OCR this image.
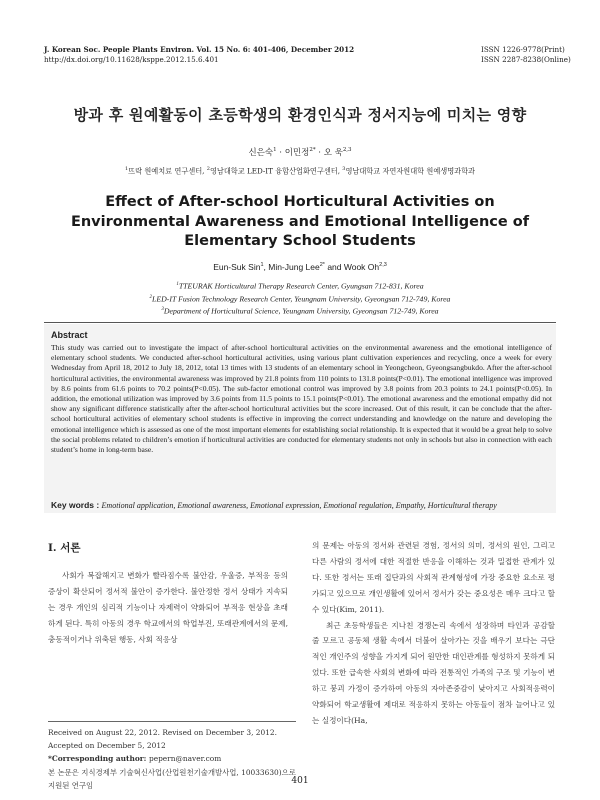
J. Korean Soc. People Plants Environ. Vol. 15 No. 6: 401-406, December 2012
http://dx.doi.org/10.11628/ksppe.2012.15.6.401
ISSN 1226-9778(Print)
ISSN 2287-8238(Online)
방과 후 원예활동이 초등학생의 환경인식과 정서지능에 미치는 영향
신은숙$^1$ · 이민정$^{2*}$ · 오 욱$^{2,3}$
$^1$뜨락 원예치료 연구센터, $^2$영남대학교 LED-IT 융합산업화연구센터, $^3$영남대학교 자연자원대학 원예생명과학과
Effect of After-school Horticultural Activities on
Environmental Awareness and Emotional Intelligence of
Elementary School Students
Eun-Suk Sin$^1$, Min-Jung Lee$^{2*}$ and Wook Oh$^{2,3}$
$^1$TTEURAK Horticultural Therapy Research Center, Gyungsan 712-831, Korea
$^2$LED-IT Fusion Technology Research Center, Yeungnam University, Gyeongsan 712-749, Korea
$^3$Department of Horticultural Science, Yeungnam University, Gyeongsan 712-749, Korea
Abstract
This study was carried out to investigate the impact of after-school horticultural activities on the environmental awareness and the emotional intelligence of elementary school students. We conducted after-school horticultural activities, using various plant cultivation experiences and recycling, once a week for every Wednesday from April 18, 2012 to July 18, 2012, total 13 times with 13 students of an elementary school in Yeongcheon, Gyeongsangbukdo. After the after-school horticultural activities, the environmental awareness was improved by 21.8 points from 110 points to 131.8 points(P<0.01). The emotional intelligence was improved by 8.6 points from 61.6 points to 70.2 points(P<0.05). The sub-factor emotional control was improved by 3.8 points from 20.3 points to 24.1 points(P<0.05). In addition, the emotional utilization was improved by 3.6 points from 11.5 points to 15.1 points(P<0.01). The emotional awareness and the emotional empathy did not show any significant difference statistically after the after-school horticultural activities but the score increased. Out of this result, it can be conclude that the after-school horticultural activities of elementary school students is effective in improving the correct understanding and knowledge on the nature and developing the emotional intelligence which is assessed as one of the most important elements for establishing social relationship. It is expected that it would be a great help to solve the social problems related to children’s emotion if horticultural activities are conducted for elementary students not only in schools but also in connection with each student’s home in long-term base.
Key words : Emotional application, Emotional awareness, Emotional expression, Emotional regulation, Empathy, Horticultural therapy
Ⅰ. 서론

사회가 복잡해지고 변화가 빨라짐수록 불안감, 우울증, 부적응 등의 증상이 확산되어 정서적 불안이 증가한다. 불안정한 정서 상태가 지속되는 경우 개인의 심리적 기능이나 자제력이 약화되어 부적응 현상을 초래하게 된다. 특히 아동의 경우 학교에서의 학업부진, 또래관계에서의 문제, 충동적이거나 위축된 행동, 사회 적응상

의 문제는 아동의 정서와 관련된 경험, 정서의 의미, 정서의 원인, 그리고 다른 사람의 정서에 대한 적절한 반응을 이해하는 것과 밀접한 관계가 있다. 또한 정서는 또래 집단과의 사회적 관계형성에 가장 중요한 요소로 평가되고 있으므로 개인생활에 있어서 정서가 갖는 중요성은 매우 크다고 할 수 있다(Kim, 2011).

최근 초등학생들은 지나친 경쟁논리 속에서 성장하며 타인과 공감할 줄 모르고 공동체 생활 속에서 더불어 살아가는 것을 배우기 보다는 극단적인 개인주의 성향을 가지게 되어 원만한 대인관계를 형성하지 못하게 되었다. 또한 급속한 사회의 변화에 따라 전통적인 가족의 구조 및 기능이 변하고 붕괴 가정이 증가하여 아동의 자아존중감이 낮아지고 사회적응력이 약화되어 학교생활에 제대로 적응하지 못하는 아동들이 점차 늘어나고 있는 실정이다(Ha,

Received on August 22, 2012. Revised on December 3, 2012.
Accepted on December 5, 2012
*Corresponding author: pepern@naver.com
본 논문은 지식경제부 기술혁신사업(산업원천기술개발사업, 10033630)으로 지원된 연구임	401
